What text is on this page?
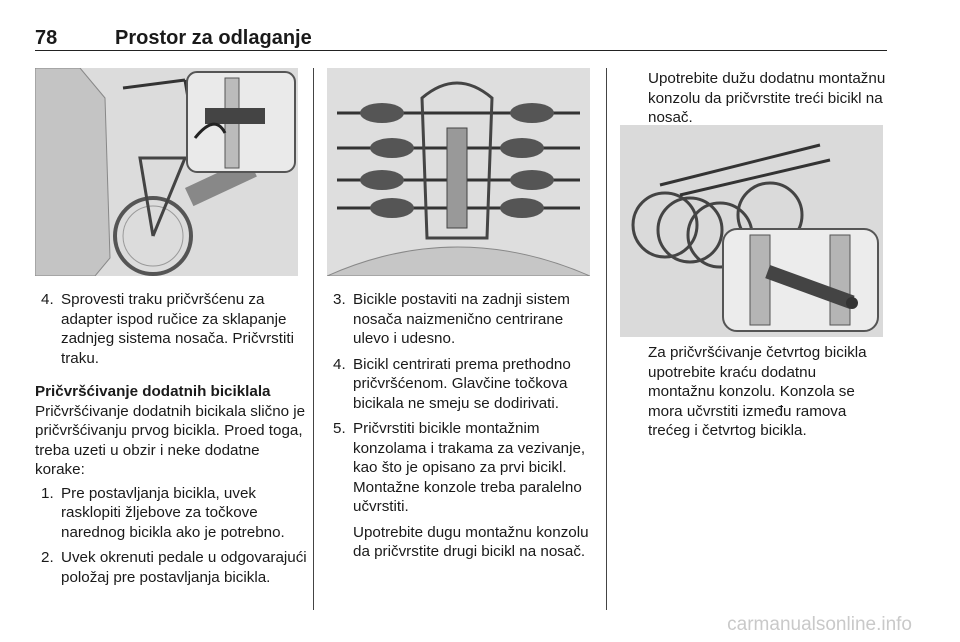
78	Prostor za odlaganje
4. Sprovesti traku pričvršćenu za adapter ispod ručice za sklapanje zadnjeg sistema nosača. Pričvrstiti traku.

Pričvršćivanje dodatnih biciklala

Pričvršćivanje dodatnih bicikala slično je pričvršćivanju prvog bicikla. Proed toga, treba uzeti u obzir i neke dodatne korake:

1. Pre postavljanja bicikla, uvek rasklopiti žljebove za točkove narednog bicikla ako je potrebno.
2. Uvek okrenuti pedale u odgovarajući položaj pre postavljanja bicikla.
3. Bicikle postaviti na zadnji sistem nosača naizmenično centrirane ulevo i udesno.
4. Bicikl centrirati prema prethodno pričvršćenom. Glavčine točkova bicikala ne smeju se dodirivati.
5. Pričvrstiti bicikle montažnim konzolama i trakama za vezivanje, kao što je opisano za prvi bicikl. Montažne konzole treba paralelno učvrstiti.

Upotrebite dugu montažnu konzolu da pričvrstite drugi bicikl na nosač.

Upotrebite dužu dodatnu montažnu konzolu da pričvrstite treći bicikl na nosač.

Za pričvršćivanje četvrtog bicikla upotrebite kraću dodatnu montažnu konzolu. Konzola se mora učvrstiti između ramova trećeg i četvrtog bicikla.

carmanualsonline.info
